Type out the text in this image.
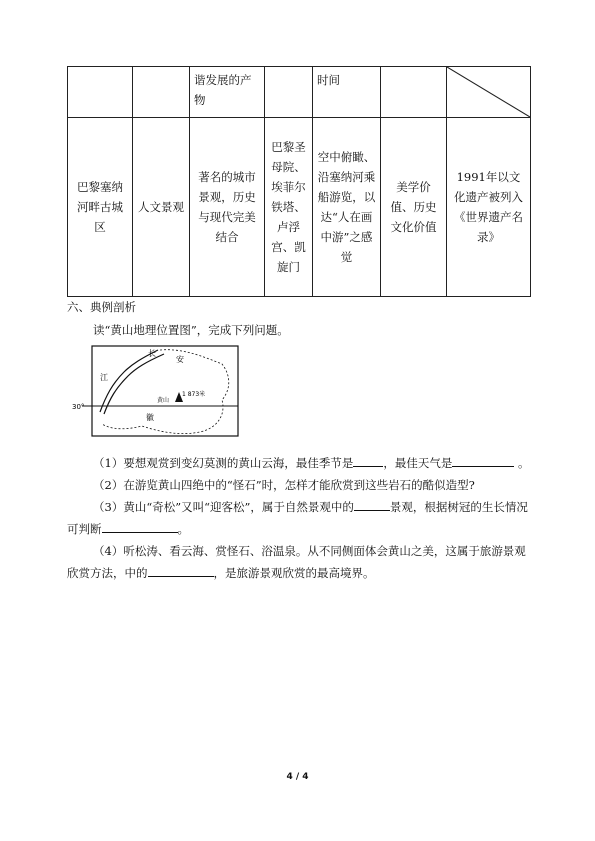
		谐发展的产物		时间		

巴黎塞纳河畔古城区	人文景观	著名的城市景观，历史与现代完美结合	巴黎圣母院、埃菲尔铁塔、卢浮宫、凯旋门	空中俯瞰、沿塞纳河乘船游览，以达“人在画中游”之感觉	美学价值、历史文化价值	1991年以文化遗产被列入《世界遗产名录》
六、典例剖析
读“黄山地理位置图”，完成下列问题。
长
江
安
徽
黄山
1 873米
30°
（1）要想观赏到变幻莫测的黄山云海，最佳季节是	，最佳天气是	。
（2）在游览黄山四绝中的“怪石”时，怎样才能欣赏到这些岩石的酷似造型?
（3）黄山“奇松”又叫“迎客松”，属于自然景观中的	景观，根据树冠的生长情况可判断	。
（4）听松涛、看云海、赏怪石、浴温泉。从不同侧面体会黄山之美，这属于旅游景观欣赏方法，中的	，是旅游景观欣赏的最高境界。
4 / 4
